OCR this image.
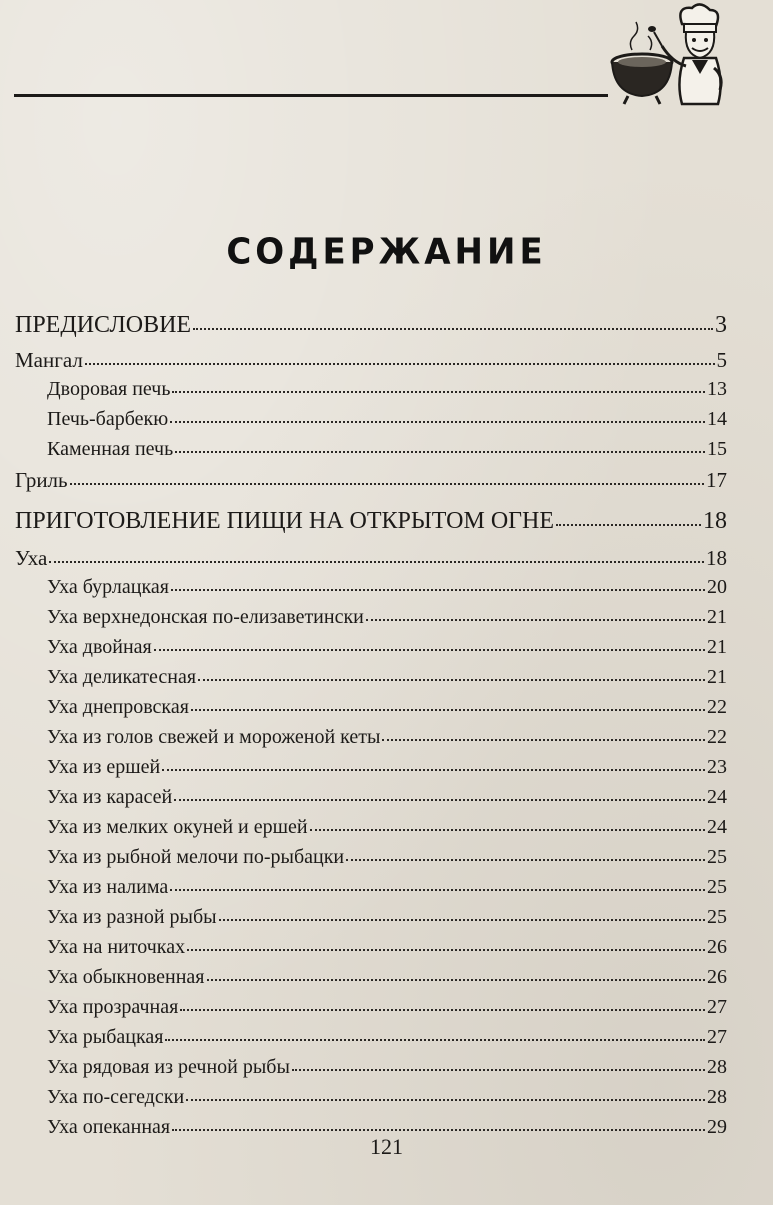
СОДЕРЖАНИЕ
ПРЕДИСЛОВИЕ	3
Мангал	5
Дворовая печь	13
Печь-барбекю	14
Каменная печь	15
Гриль	17
ПРИГОТОВЛЕНИЕ ПИЩИ НА ОТКРЫТОМ ОГНЕ	18
Уха	18
Уха бурлацкая	20
Уха верхнедонская по-елизаветински	21
Уха двойная	21
Уха деликатесная	21
Уха днепровская	22
Уха из голов свежей и мороженой кеты	22
Уха из ершей	23
Уха из карасей	24
Уха из мелких окуней и ершей	24
Уха из рыбной мелочи по-рыбацки	25
Уха из налима	25
Уха из разной рыбы	25
Уха на ниточках	26
Уха обыкновенная	26
Уха прозрачная	27
Уха рыбацкая	27
Уха рядовая из речной рыбы	28
Уха по-сегедски	28
Уха опеканная	29
121
